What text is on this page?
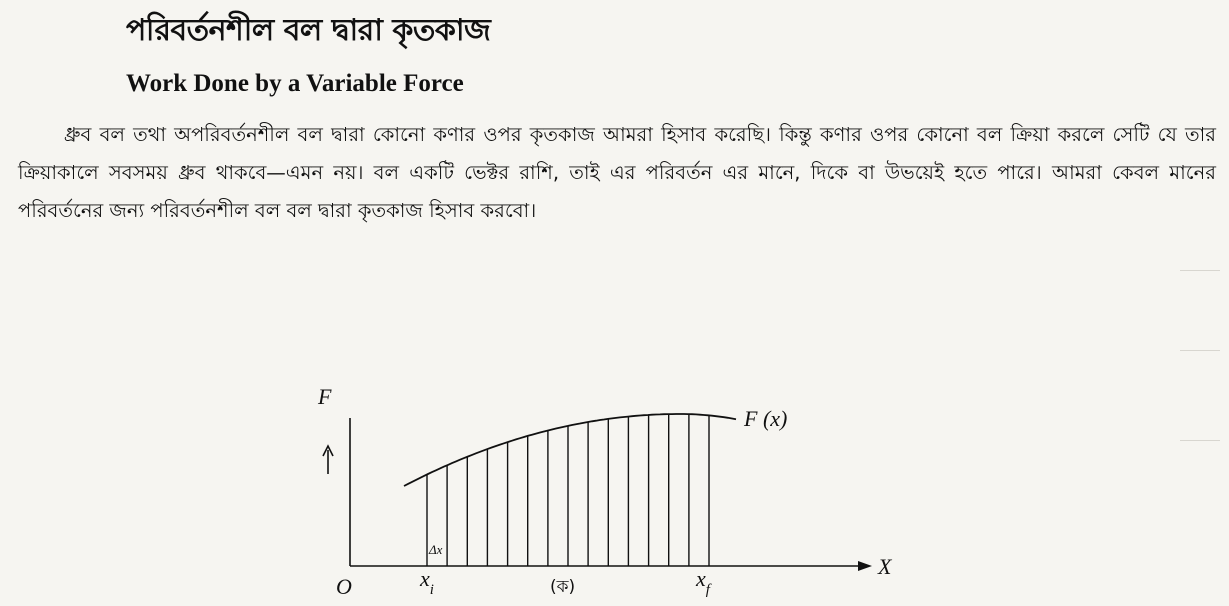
পরিবর্তনশীল বল দ্বারা কৃতকাজ
Work Done by a Variable Force

ধ্রুব বল তথা অপরিবর্তনশীল বল দ্বারা কোনো কণার ওপর কৃতকাজ আমরা হিসাব করেছি। কিন্তু কণার ওপর কোনো বল ক্রিয়া করলে সেটি যে তার ক্রিয়াকালে সবসময় ধ্রুব থাকবে—এমন নয়। বল একটি ভেক্টর রাশি, তাই এর পরিবর্তন এর মানে, দিকে বা উভয়েই হতে পারে। আমরা কেবল মানের পরিবর্তনের জন্য পরিবর্তনশীল বল বল দ্বারা কৃতকাজ হিসাব করবো।

F
X
O
F (x)
Δx
$x_i$	$x_f$
(ক)
